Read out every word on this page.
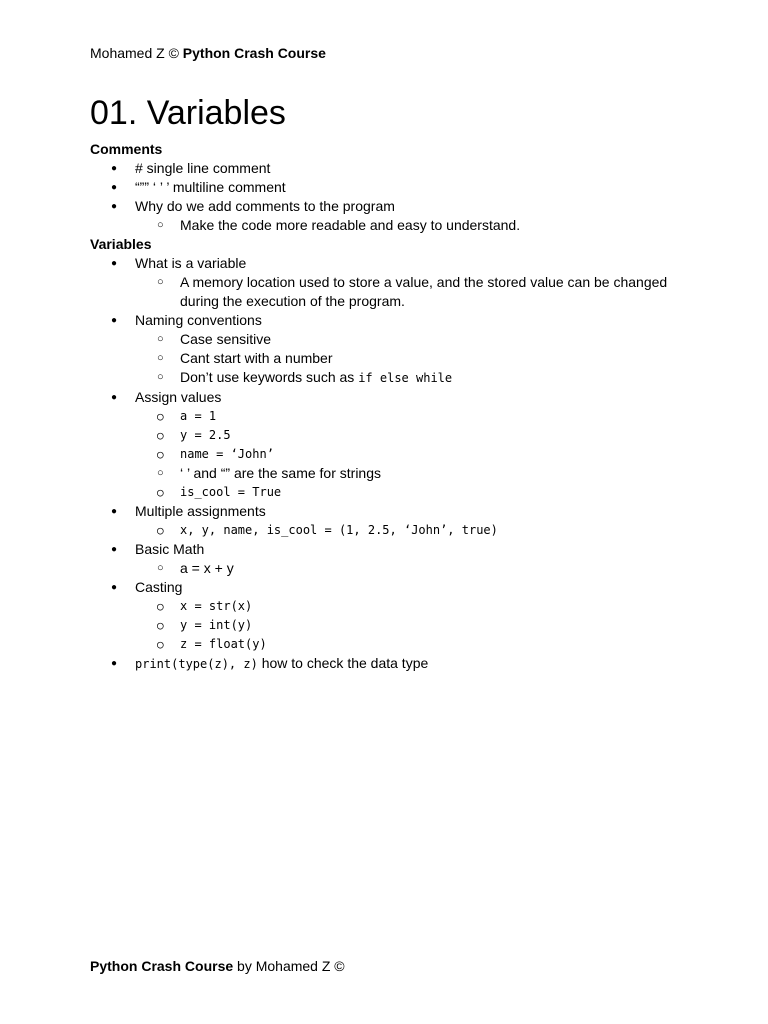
Mohamed Z © Python Crash Course
01. Variables
Comments
● # single line comment
● “”” ‘ ’ ’ multiline comment
● Why do we add comments to the program
○ Make the code more readable and easy to understand.
Variables
● What is a variable
○ A memory location used to store a value, and the stored value can be changed during the execution of the program.
● Naming conventions
○ Case sensitive
○ Cant start with a number
○ Don’t use keywords such as if else while
● Assign values
○ a = 1
○ y = 2.5
○ name = ‘John’
○ ‘ ’ and “” are the same for strings
○ is_cool = True
● Multiple assignments
○ x, y, name, is_cool = (1, 2.5, ‘John’, true)
● Basic Math
○ a = x + y
● Casting
○ x = str(x)
○ y = int(y)
○ z = float(y)
● print(type(z), z) how to check the data type
Python Crash Course by Mohamed Z ©
